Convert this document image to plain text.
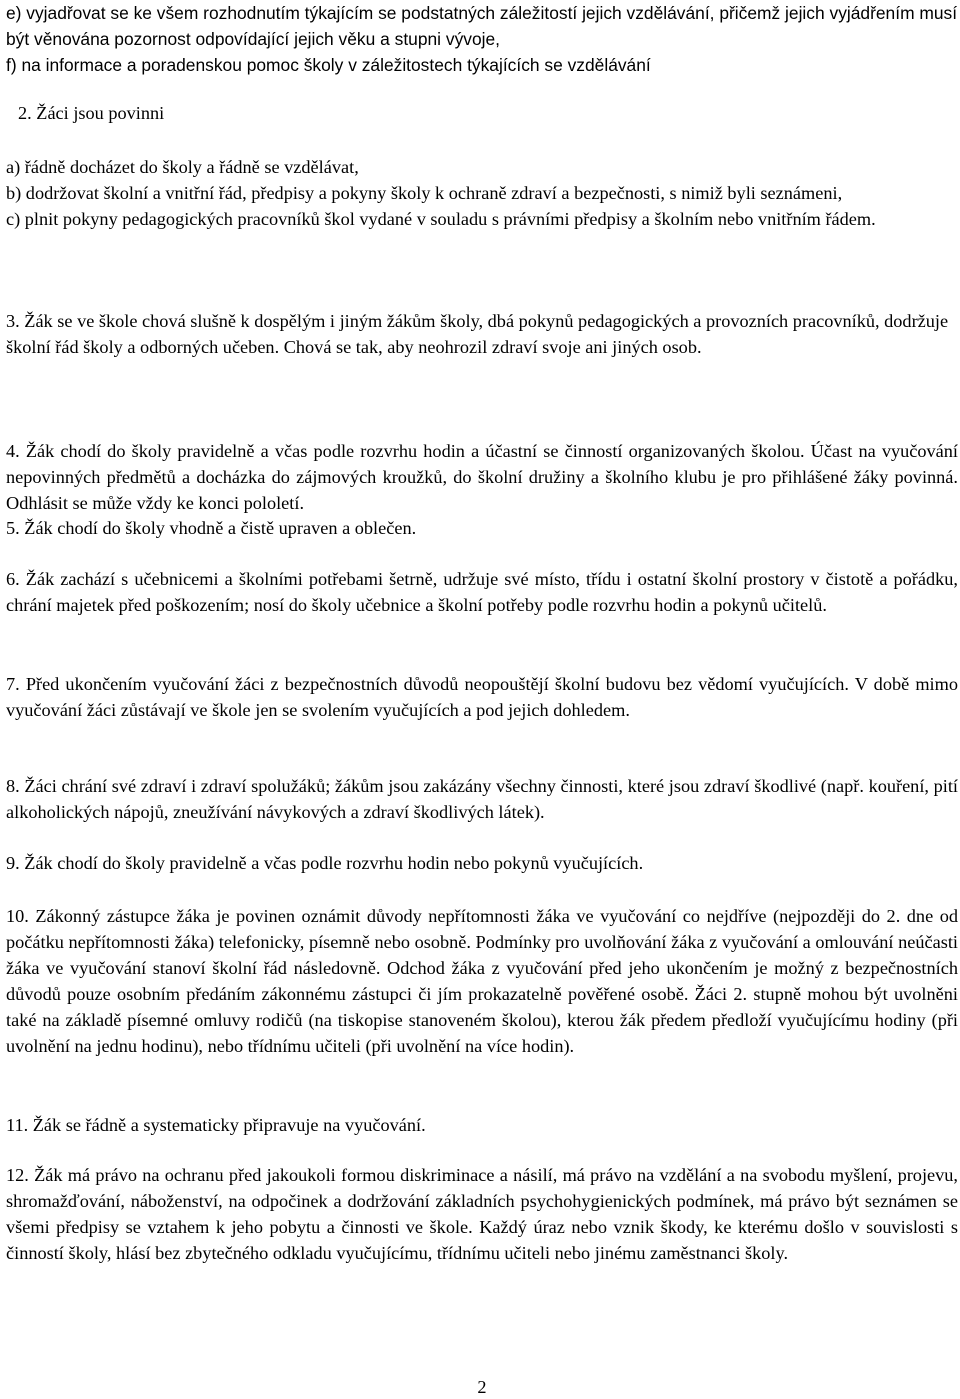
e) vyjadřovat se ke všem rozhodnutím týkajícím se podstatných záležitostí jejich vzdělávání, přičemž jejich vyjádřením musí být věnována pozornost odpovídající jejich věku a stupni vývoje,

f) na informace a poradenskou pomoc školy v záležitostech týkajících se vzdělávání

2. Žáci jsou povinni

a) řádně docházet do školy a řádně se vzdělávat,

b) dodržovat školní a vnitřní řád, předpisy a pokyny školy k ochraně zdraví a bezpečnosti, s nimiž byli seznámeni,

c) plnit pokyny pedagogických pracovníků škol vydané v souladu s právními předpisy a školním nebo vnitřním řádem.

3. Žák se ve škole chová slušně k dospělým i jiným žákům školy, dbá pokynů pedagogických a provozních pracovníků, dodržuje školní řád školy a odborných učeben. Chová se tak, aby neohrozil zdraví svoje ani jiných osob.

4. Žák chodí do školy pravidelně a včas podle rozvrhu hodin a účastní se činností organizovaných školou. Účast na vyučování nepovinných předmětů a docházka do zájmových kroužků, do školní družiny a školního klubu je pro přihlášené žáky povinná. Odhlásit se může vždy ke konci pololetí.

5. Žák chodí do školy vhodně a čistě upraven a oblečen.

6. Žák zachází s učebnicemi a školními potřebami šetrně, udržuje své místo, třídu i ostatní školní prostory v čistotě a pořádku, chrání majetek před poškozením; nosí do školy učebnice a školní potřeby podle rozvrhu hodin a pokynů učitelů.

7. Před ukončením vyučování žáci z bezpečnostních důvodů neopouštějí školní budovu bez vědomí vyučujících. V době mimo vyučování žáci zůstávají ve škole jen se svolením vyučujících a pod jejich dohledem.

8. Žáci chrání své zdraví i zdraví spolužáků; žákům jsou zakázány všechny činnosti, které jsou zdraví škodlivé (např. kouření, pití alkoholických nápojů, zneužívání návykových a zdraví škodlivých látek).

9. Žák chodí do školy pravidelně a včas podle rozvrhu hodin nebo pokynů vyučujících.

10. Zákonný zástupce žáka je povinen oznámit důvody nepřítomnosti žáka ve vyučování co nejdříve (nejpozději do 2. dne od počátku nepřítomnosti žáka) telefonicky, písemně nebo osobně. Podmínky pro uvolňování žáka z vyučování a omlouvání neúčasti žáka ve vyučování stanoví školní řád následovně. Odchod žáka z vyučování před jeho ukončením je možný z bezpečnostních důvodů pouze osobním předáním zákonnému zástupci či jím prokazatelně pověřené osobě. Žáci 2. stupně mohou být uvolněni také na základě písemné omluvy rodičů (na tiskopise stanoveném školou), kterou žák předem předloží vyučujícímu hodiny (při uvolnění na jednu hodinu), nebo třídnímu učiteli (při uvolnění na více hodin).

11. Žák se řádně a systematicky připravuje na vyučování.

12. Žák má právo na ochranu před jakoukoli formou diskriminace a násilí, má právo na vzdělání a na svobodu myšlení, projevu, shromažďování, náboženství, na odpočinek a dodržování základních psychohygienických podmínek, má právo být seznámen se všemi předpisy se vztahem k jeho pobytu a činnosti ve škole. Každý úraz nebo vznik škody, ke kterému došlo v souvislosti s činností školy, hlásí bez zbytečného odkladu vyučujícímu, třídnímu učiteli nebo jinému zaměstnanci školy.

2
